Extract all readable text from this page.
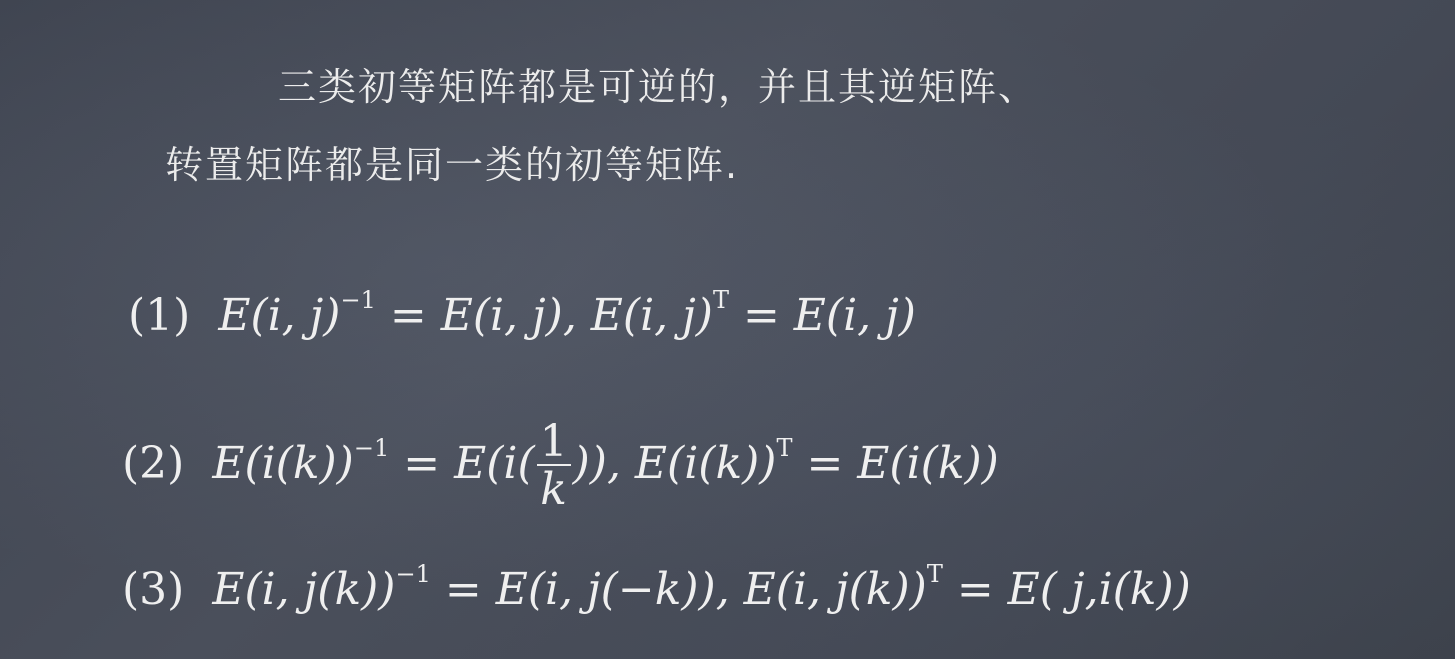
三类初等矩阵都是可逆的，并且其逆矩阵、
转置矩阵都是同一类的初等矩阵.
(1) E(i, j)$^{-1}$ = E(i, j), E(i, j)$^T$ = E(i, j)
(2) $E(i(k))^{-1} = E(i( \frac{1}{k}$ )), $E(i(k))^T = E(i(k))$
(3) E(i, j(k))$^{-1}$ = E(i, j(−k)), E(i, j(k))$^T$ = E( j,i(k))
